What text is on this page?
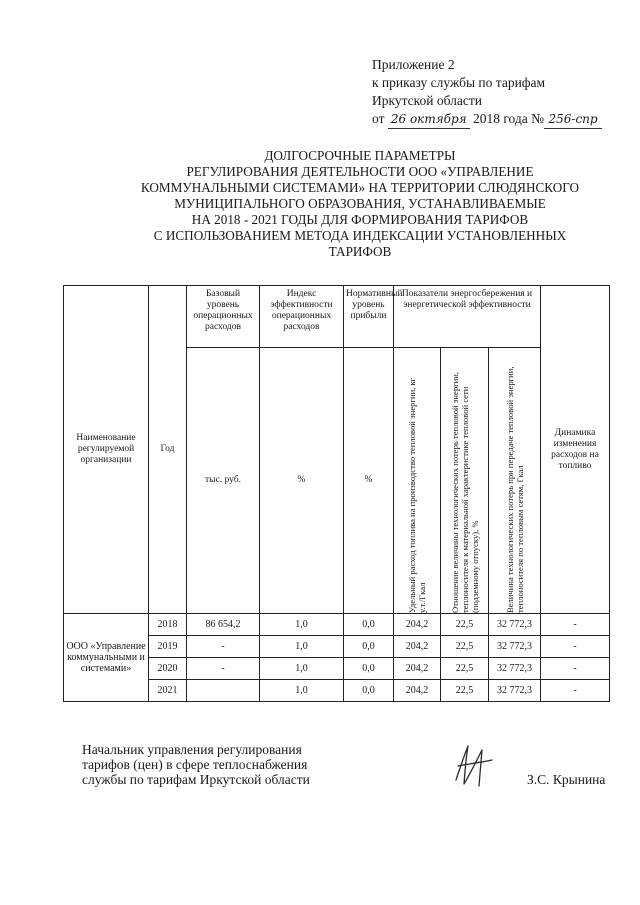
Приложение 2
к приказу службы по тарифам
Иркутской области
от 26 октября 2018 года № 256-спр
ДОЛГОСРОЧНЫЕ ПАРАМЕТРЫ
РЕГУЛИРОВАНИЯ ДЕЯТЕЛЬНОСТИ ООО «УПРАВЛЕНИЕ
КОММУНАЛЬНЫМИ СИСТЕМАМИ» НА ТЕРРИТОРИИ СЛЮДЯНСКОГО
МУНИЦИПАЛЬНОГО ОБРАЗОВАНИЯ, УСТАНАВЛИВАЕМЫЕ
НА 2018 - 2021 ГОДЫ ДЛЯ ФОРМИРОВАНИЯ ТАРИФОВ
С ИСПОЛЬЗОВАНИЕМ МЕТОДА ИНДЕКСАЦИИ УСТАНОВЛЕННЫХ
ТАРИФОВ
Наименование регулируемой организации	Год	Базовый уровень операционных расходов	Индекс эффективности операционных расходов	Нормативный уровень прибыли	Показатели энергосбережения и энергетической эффективности			Динамика изменения расходов на топливо
		тыс. руб.	%	%	Удельный расход топлива на производство тепловой энергии, кг у.т./Гкал	Отношение величины технологических потерь тепловой энергии, теплоносителя к материальной характеристике тепловой сети (подземному отпуску), %	Величина технологических потерь при передаче тепловой энергии, теплоносителя по тепловым сетям, Гкал	

ООО «Управление коммунальными и системами»	2018	86 654,2	1,0	0,0	204,2	22,5	32 772,3	-
	2019	-	1,0	0,0	204,2	22,5	32 772,3	-
	2020	-	1,0	0,0	204,2	22,5	32 772,3	-
	2021		1,0	0,0	204,2	22,5	32 772,3	-
Начальник управления регулирования
тарифов (цен) в сфере теплоснабжения
службы по тарифам Иркутской области	З.С. Крынина
